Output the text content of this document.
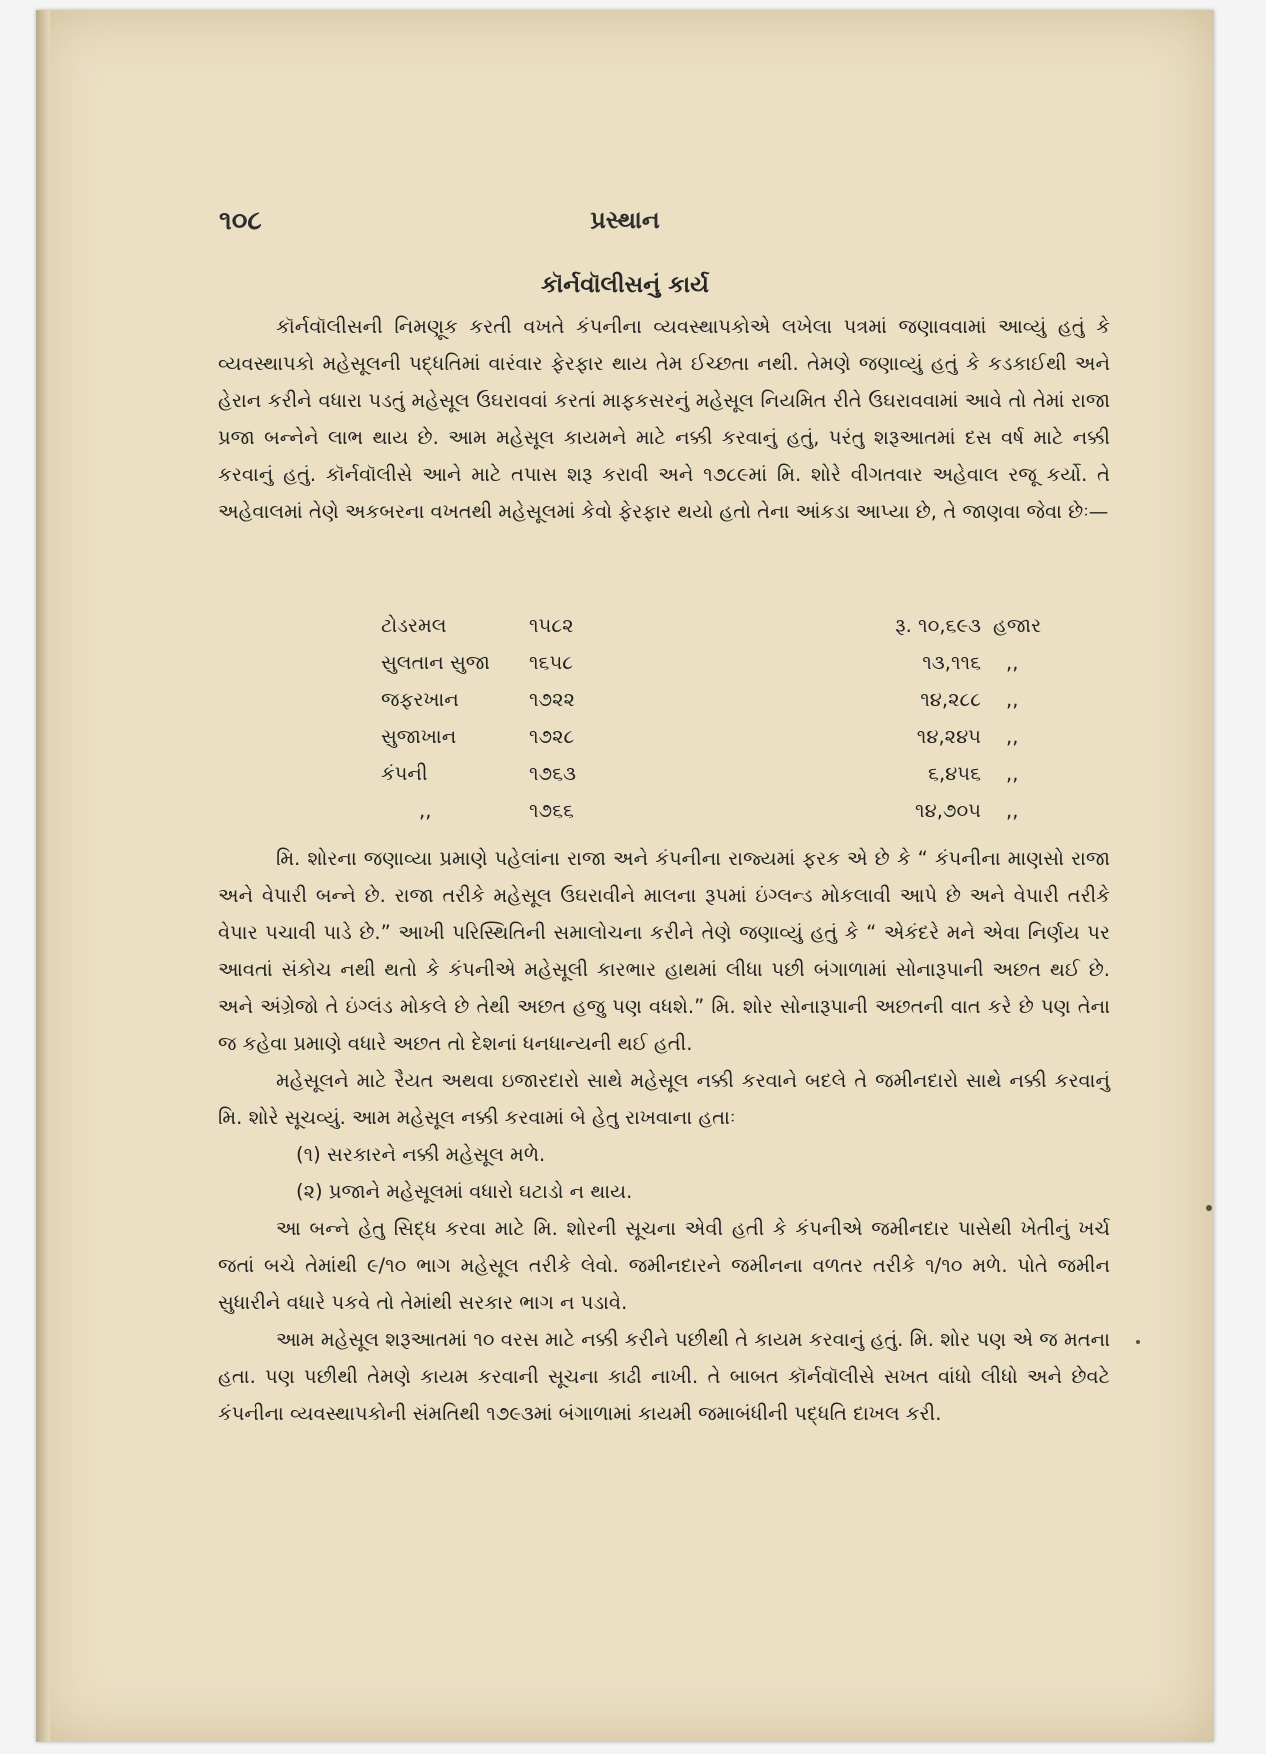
૧૦૮	પ્રસ્થાન
કૉર્નવૉલીસનું કાર્ય

કૉર્નવૉલીસની નિમણૂક કરતી વખતે કંપનીના વ્યવસ્થાપકોએ લખેલા પત્રમાં જણાવવામાં આવ્યું હતું કે વ્યવસ્થાપકો મહેસૂલની પદ્ધતિમાં વારંવાર ફેરફાર થાય તેમ ઈચ્છતા નથી. તેમણે જણાવ્યું હતું કે કડકાઈથી અને હેરાન કરીને વધારા પડતું મહેસૂલ ઉઘરાવવાં કરતાં માફકસરનું મહેસૂલ નિયમિત રીતે ઉઘરાવવામાં આવે તો તેમાં રાજા પ્રજા બન્નેને લાભ થાય છે. આમ મહેસૂલ કાયમને માટે નક્કી કરવાનું હતું, પરંતુ શરૂઆતમાં દસ વર્ષ માટે નક્કી કરવાનું હતું. કૉર્નવૉલીસે આને માટે તપાસ શરૂ કરાવી અને ૧૭૮૯માં મિ. શોરે વીગતવાર અહેવાલ રજૂ કર્યો. તે અહેવાલમાં તેણે અકબરના વખતથી મહેસૂલમાં કેવો ફેરફાર થયો હતો તેના આંકડા આપ્યા છે, તે જાણવા જેવા છેઃ—

ટોડરમલ	૧૫૮૨	રૂ. ૧૦,૬૯૩ હજાર
સુલતાન સુજા ૧૬૫૮	૧૩,૧૧૬ ,,
જફરખાન	૧૭૨૨	૧૪,૨૮૮ ,,
સુજાખાન	૧૭૨૮	૧૪,૨૪૫ ,,
કંપની	૧૭૬૩	૬,૪૫૬ ,,
,,	૧૭૬૬	૧૪,૭૦૫ ,,

મિ. શોરના જણાવ્યા પ્રમાણે પહેલાંના રાજા અને કંપનીના રાજ્યમાં ફરક એ છે કે “ કંપનીના માણસો રાજા અને વેપારી બન્ને છે. રાજા તરીકે મહેસૂલ ઉઘરાવીને માલના રૂપમાં ઇંગ્લન્ડ મોકલાવી આપે છે અને વેપારી તરીકે વેપાર પચાવી પાડે છે.” આખી પરિસ્થિતિની સમાલોચના કરીને તેણે જણાવ્યું હતું કે “ એકંદરે મને એવા નિર્ણય પર આવતાં સંકોચ નથી થતો કે કંપનીએ મહેસૂલી કારભાર હાથમાં લીધા પછી બંગાળામાં સોનારૂપાની અછત થઈ છે. અને અંગ્રેજો તે ઇંગ્લંડ મોકલે છે તેથી અછત હજુ પણ વધશે.” મિ. શોર સોનારૂપાની અછતની વાત કરે છે પણ તેના જ કહેવા પ્રમાણે વધારે અછત તો દેશનાં ધનધાન્યની થઈ હતી.

મહેસૂલને માટે રૈયત અથવા ઇજારદારો સાથે મહેસૂલ નક્કી કરવાને બદલે તે જમીનદારો સાથે નક્કી કરવાનું મિ. શોરે સૂચવ્યું. આમ મહેસૂલ નક્કી કરવામાં બે હેતુ રાખવાના હતાઃ

(૧) સરકારને નક્કી મહેસૂલ મળે.

(૨) પ્રજાને મહેસૂલમાં વધારો ઘટાડો ન થાય.

આ બન્ને હેતુ સિદ્ધ કરવા માટે મિ. શોરની સૂચના એવી હતી કે કંપનીએ જમીનદાર પાસેથી ખેતીનું ખર્ચ જતાં બચે તેમાંથી ૯/૧૦ ભાગ મહેસૂલ તરીકે લેવો. જમીનદારને જમીનના વળતર તરીકે ૧/૧૦ મળે. પોતે જમીન સુધારીને વધારે પકવે તો તેમાંથી સરકાર ભાગ ન પડાવે.

આમ મહેસૂલ શરૂઆતમાં ૧૦ વરસ માટે નક્કી કરીને પછીથી તે કાયમ કરવાનું હતું. મિ. શોર પણ એ જ મતના હતા. પણ પછીથી તેમણે કાયમ કરવાની સૂચના કાઢી નાખી. તે બાબત કૉર્નવૉલીસે સખત વાંધો લીધો અને છેવટે કંપનીના વ્યવસ્થાપકોની સંમતિથી ૧૭૯૩માં બંગાળામાં કાયમી જમાબંધીની પદ્ધતિ દાખલ કરી.
